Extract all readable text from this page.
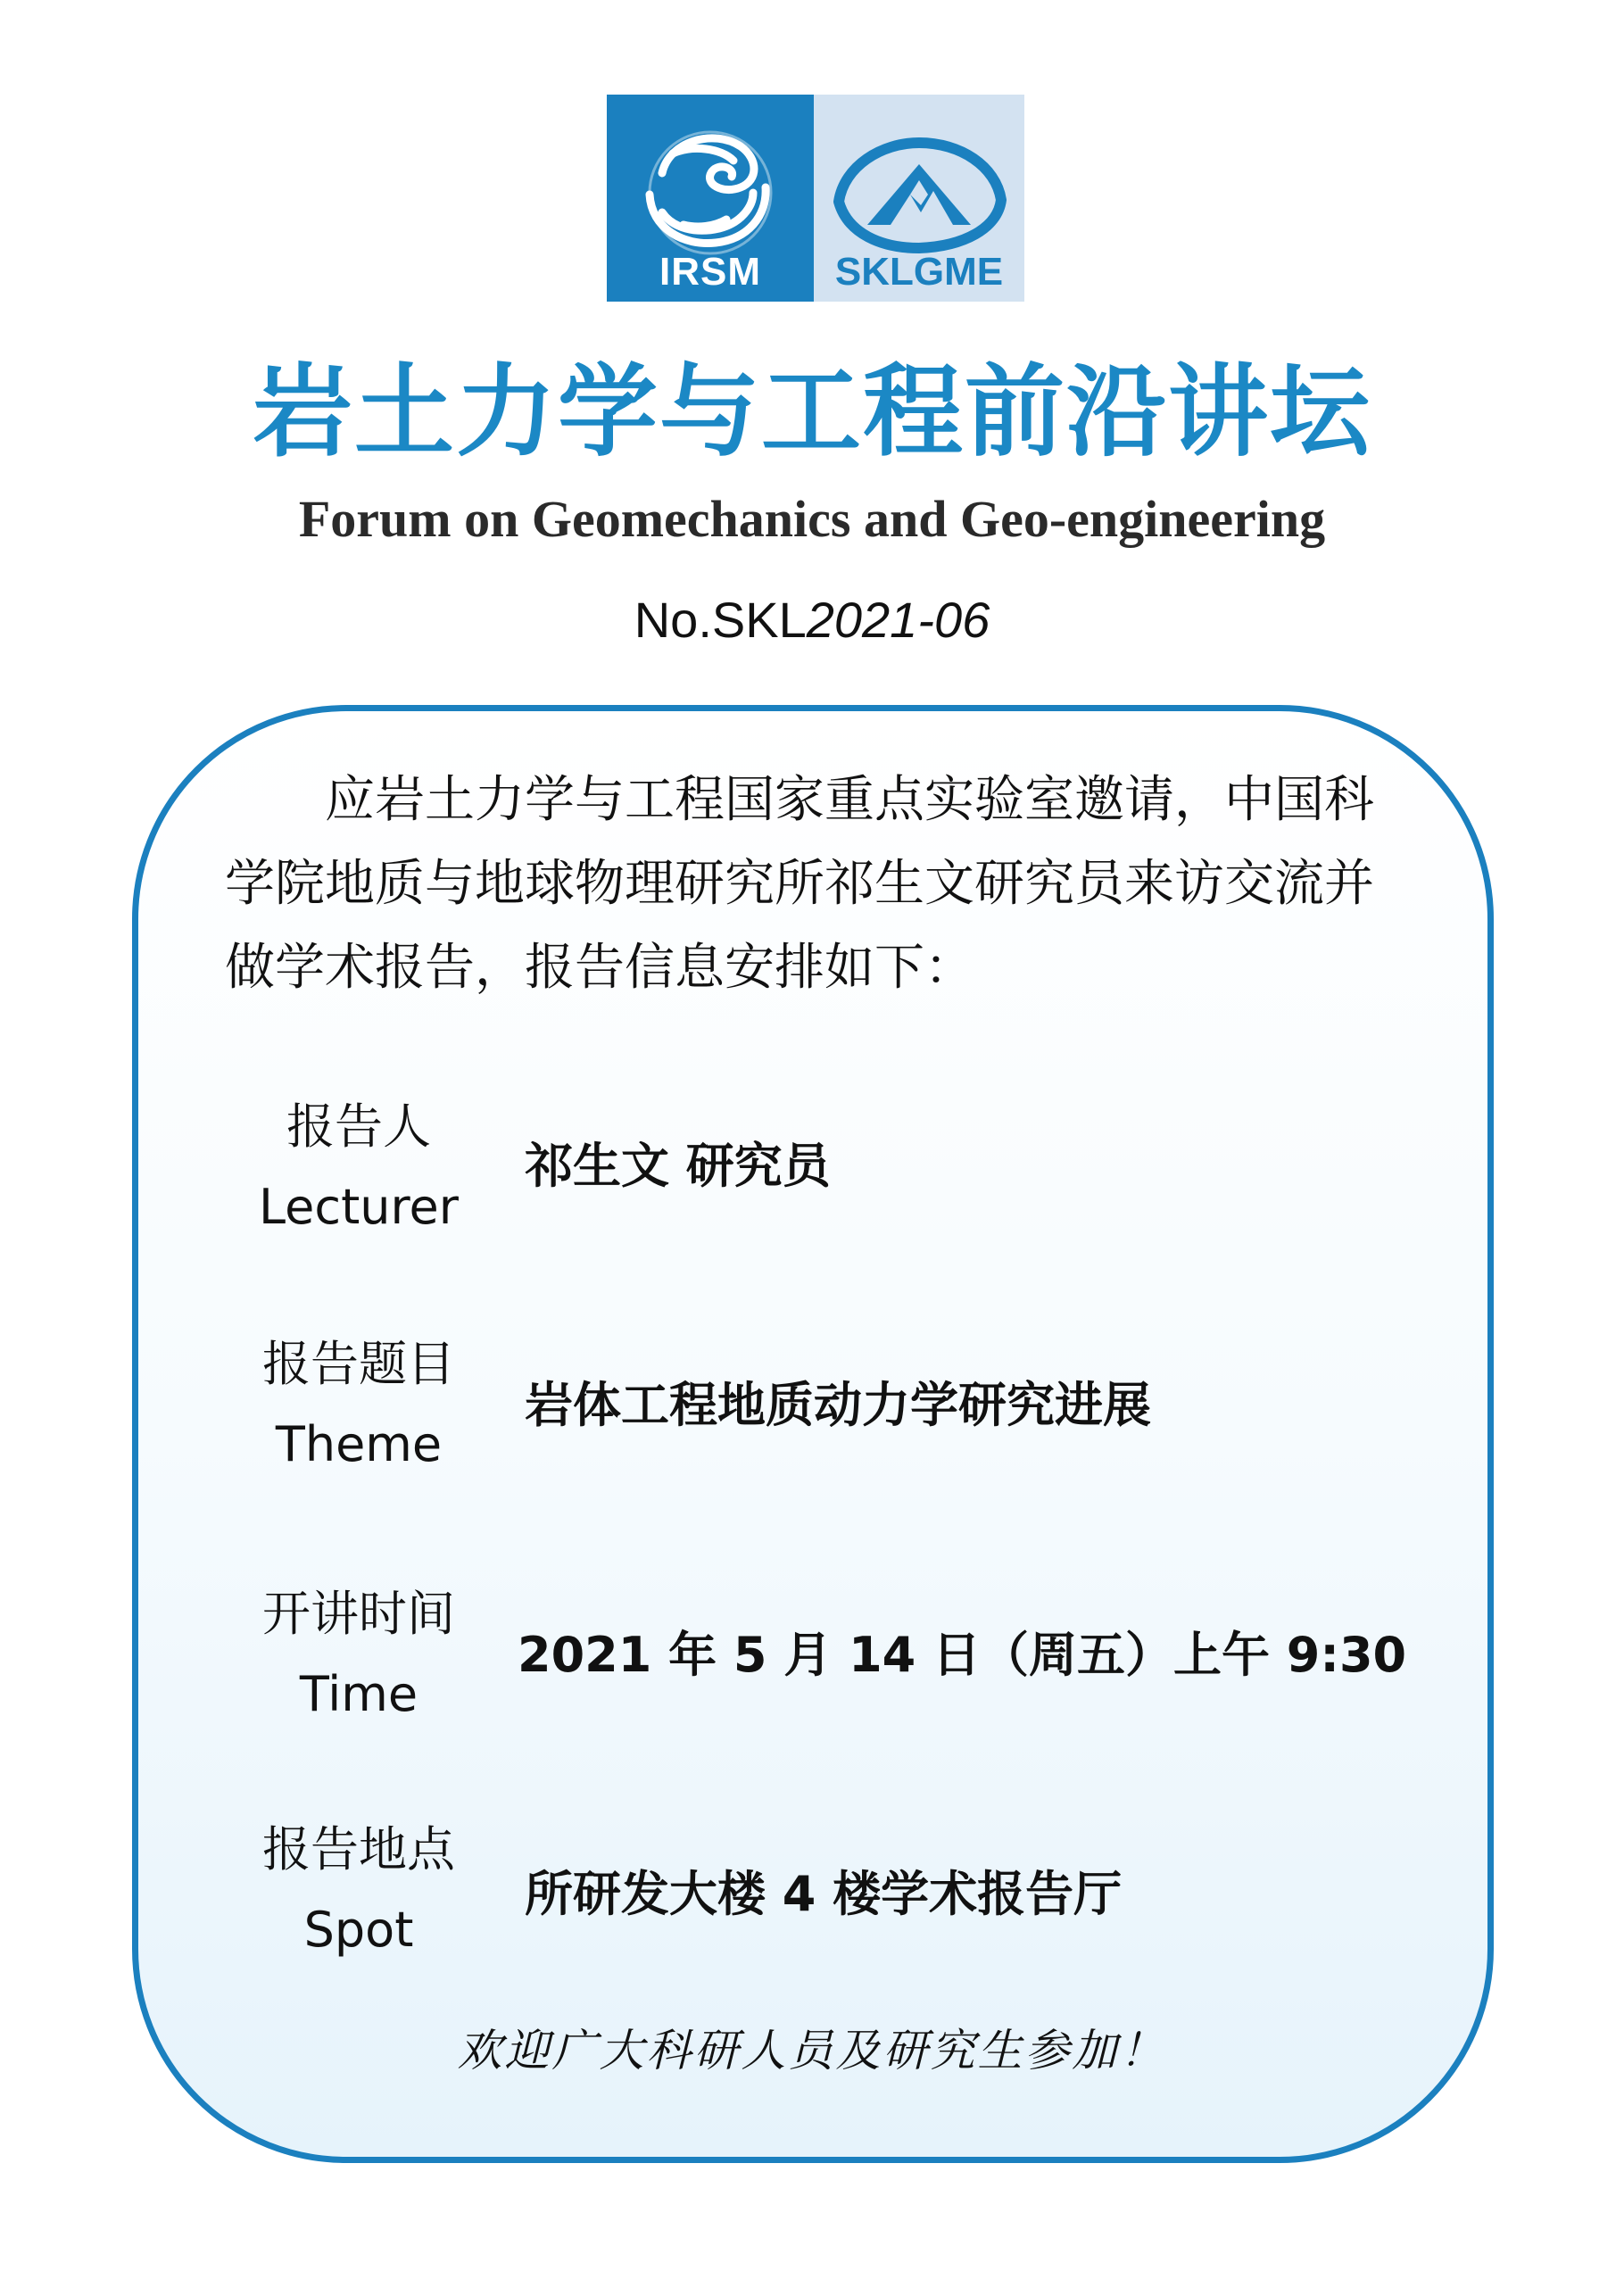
IRSM	SKLGME
岩土力学与工程前沿讲坛
Forum on Geomechanics and Geo-engineering
No.SKL2021-06

应岩土力学与工程国家重点实验室邀请，中国科学院地质与地球物理研究所祁生文研究员来访交流并做学术报告，报告信息安排如下：

报告人
Lecturer
祁生文 研究员
报告题目
Theme
岩体工程地质动力学研究进展
开讲时间
Time
2021 年 5 月 14 日（周五）上午 9:30
报告地点
Spot
所研发大楼 4 楼学术报告厅
欢迎广大科研人员及研究生参加！
